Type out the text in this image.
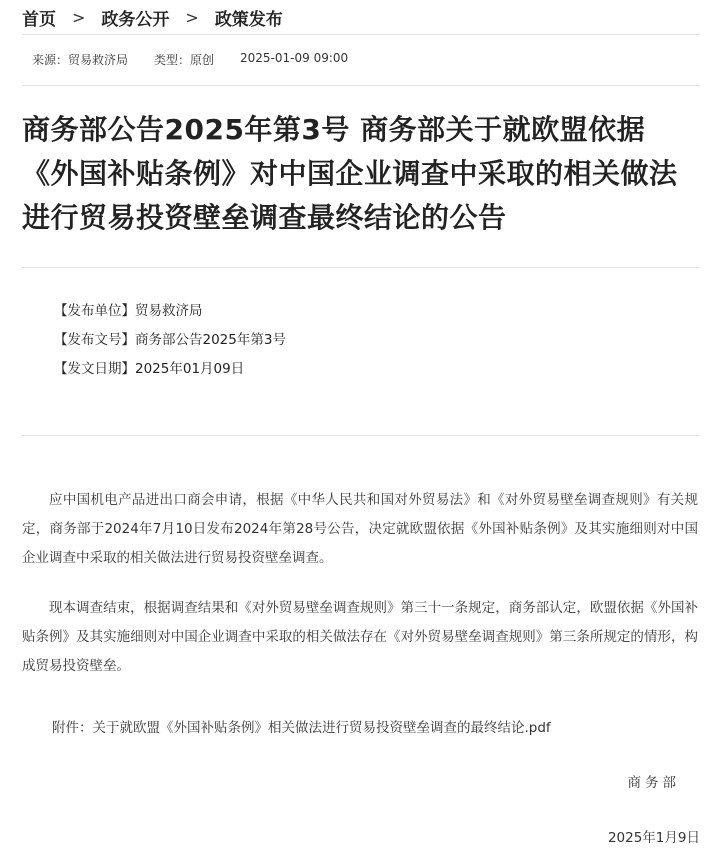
首页 > 政务公开 > 政策发布
来源：贸易救济局 类型：原创 2025-01-09 09:00
商务部公告2025年第3号 商务部关于就欧盟依据《外国补贴条例》对中国企业调查中采取的相关做法进行贸易投资壁垒调查最终结论的公告
【发布单位】贸易救济局
【发布文号】商务部公告2025年第3号
【发文日期】2025年01月09日

应中国机电产品进出口商会申请，根据《中华人民共和国对外贸易法》和《对外贸易壁垒调查规则》有关规定，商务部于2024年7月10日发布2024年第28号公告，决定就欧盟依据《外国补贴条例》及其实施细则对中国企业调查中采取的相关做法进行贸易投资壁垒调查。

现本调查结束，根据调查结果和《对外贸易壁垒调查规则》第三十一条规定，商务部认定，欧盟依据《外国补贴条例》及其实施细则对中国企业调查中采取的相关做法存在《对外贸易壁垒调查规则》第三条所规定的情形，构成贸易投资壁垒。

附件：关于就欧盟《外国补贴条例》相关做法进行贸易投资壁垒调查的最终结论.pdf
商务部
2025年1月9日
